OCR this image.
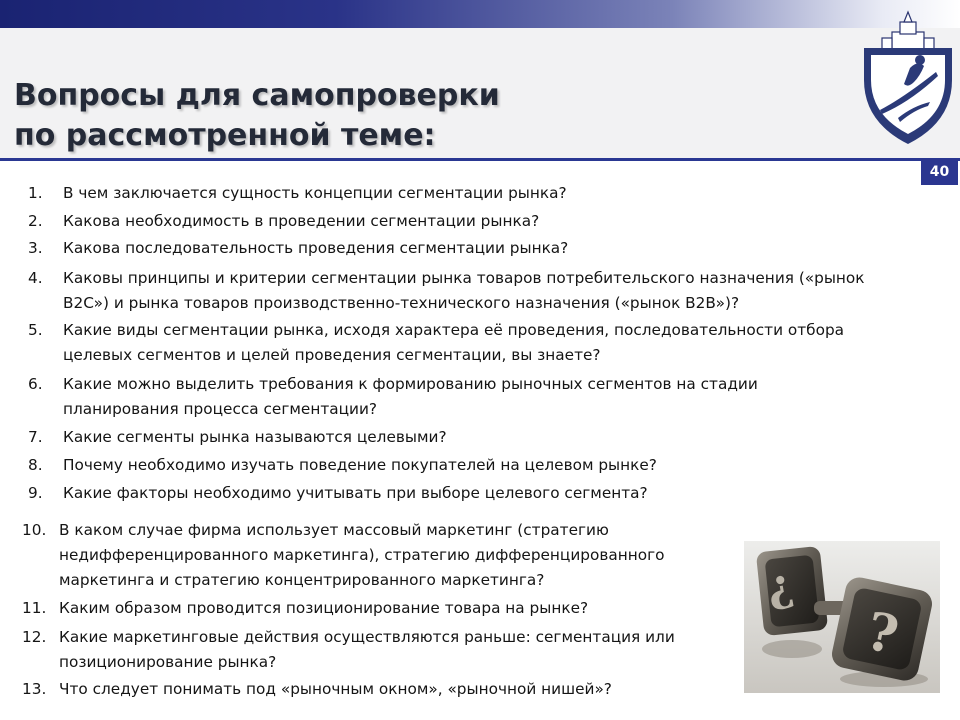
Вопросы для самопроверки
по рассмотренной теме:
40
1. В чем заключается сущность концепции сегментации рынка?
2. Какова необходимость в проведении сегментации рынка?
3. Какова последовательность проведения сегментации рынка?
4. Каковы принципы и критерии сегментации рынка товаров потребительского назначения («рынок
B2C») и рынка товаров производственно-технического назначения («рынок B2B»)?
5. Какие виды сегментации рынка, исходя характера её проведения, последовательности отбора
целевых сегментов и целей проведения сегментации, вы знаете?
6. Какие можно выделить требования к формированию рыночных сегментов на стадии
планирования процесса сегментации?
7. Какие сегменты рынка называются целевыми?
8. Почему необходимо изучать поведение покупателей на целевом рынке?
9. Какие факторы необходимо учитывать при выборе целевого сегмента?
10. В каком случае фирма использует массовый маркетинг (стратегию
недифференцированного маркетинга), стратегию дифференцированного
маркетинга и стратегию концентрированного маркетинга?
11. Каким образом проводится позиционирование товара на рынке?
12. Какие маркетинговые действия осуществляются раньше: сегментация или
позиционирование рынка?
13. Что следует понимать под «рыночным окном», «рыночной нишей»?
?
?
